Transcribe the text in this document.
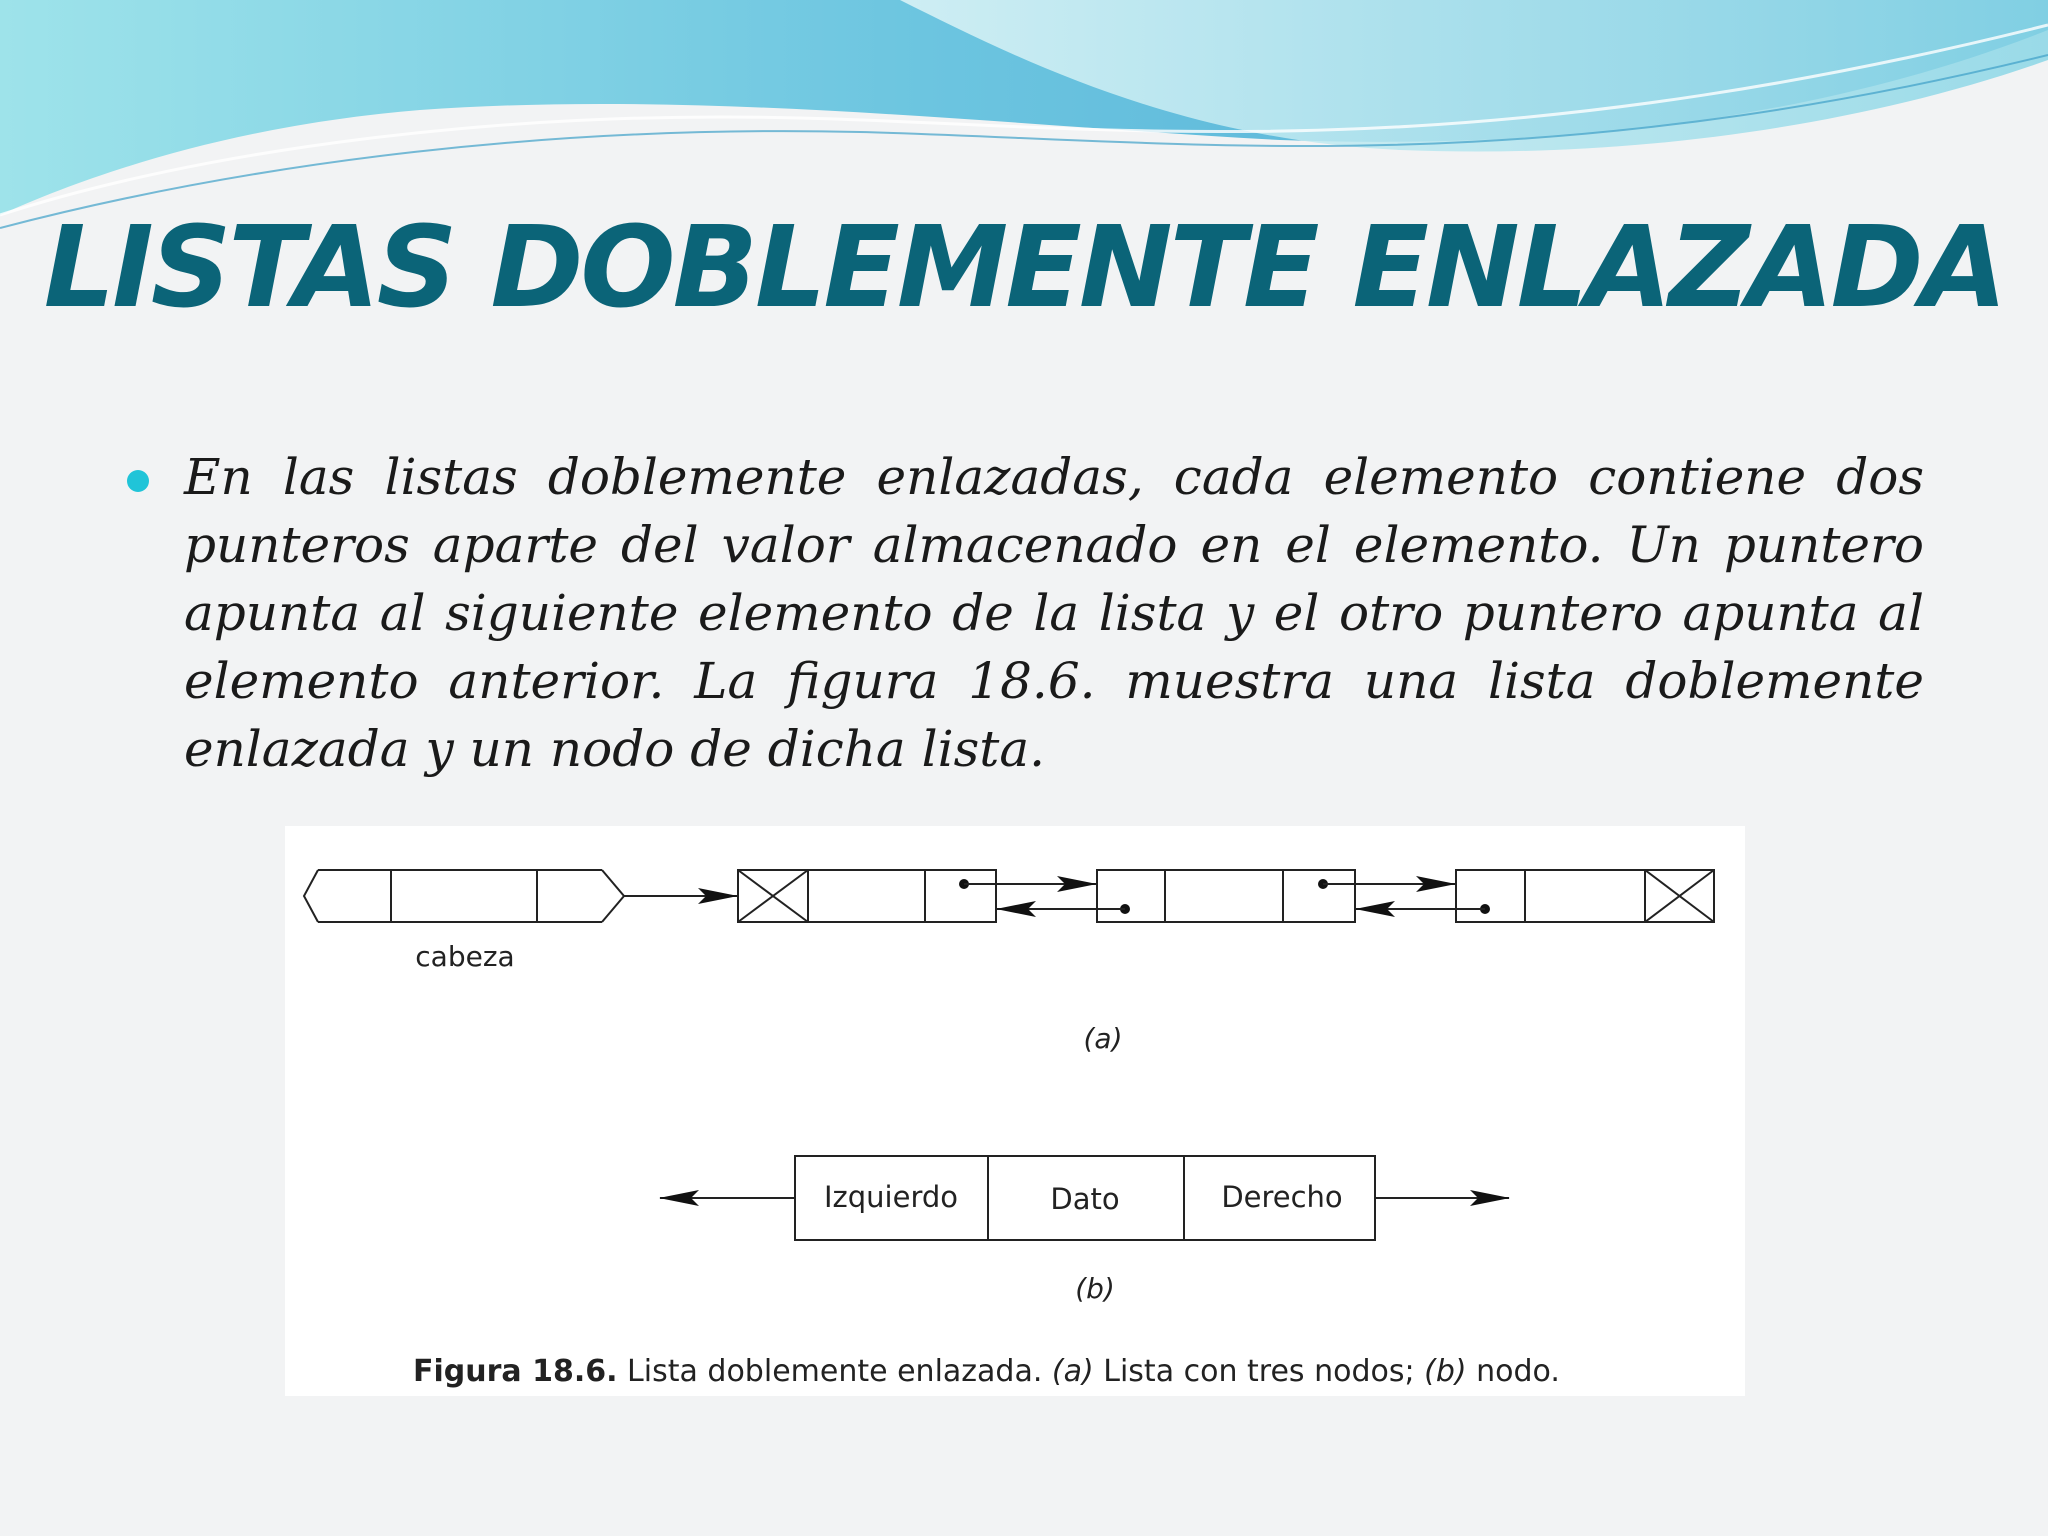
LISTAS DOBLEMENTE ENLAZADA
En las listas doblemente enlazadas, cada elemento contiene dos punteros aparte del valor almacenado en el elemento. Un puntero apunta al siguiente elemento de la lista y el otro puntero apunta al elemento anterior. La figura 18.6. muestra una lista doblemente enlazada y un nodo de dicha lista.
cabeza
(a)
Izquierdo	Dato	Derecho
(b)
Figura 18.6. Lista doblemente enlazada. (a) Lista con tres nodos; (b) nodo.
